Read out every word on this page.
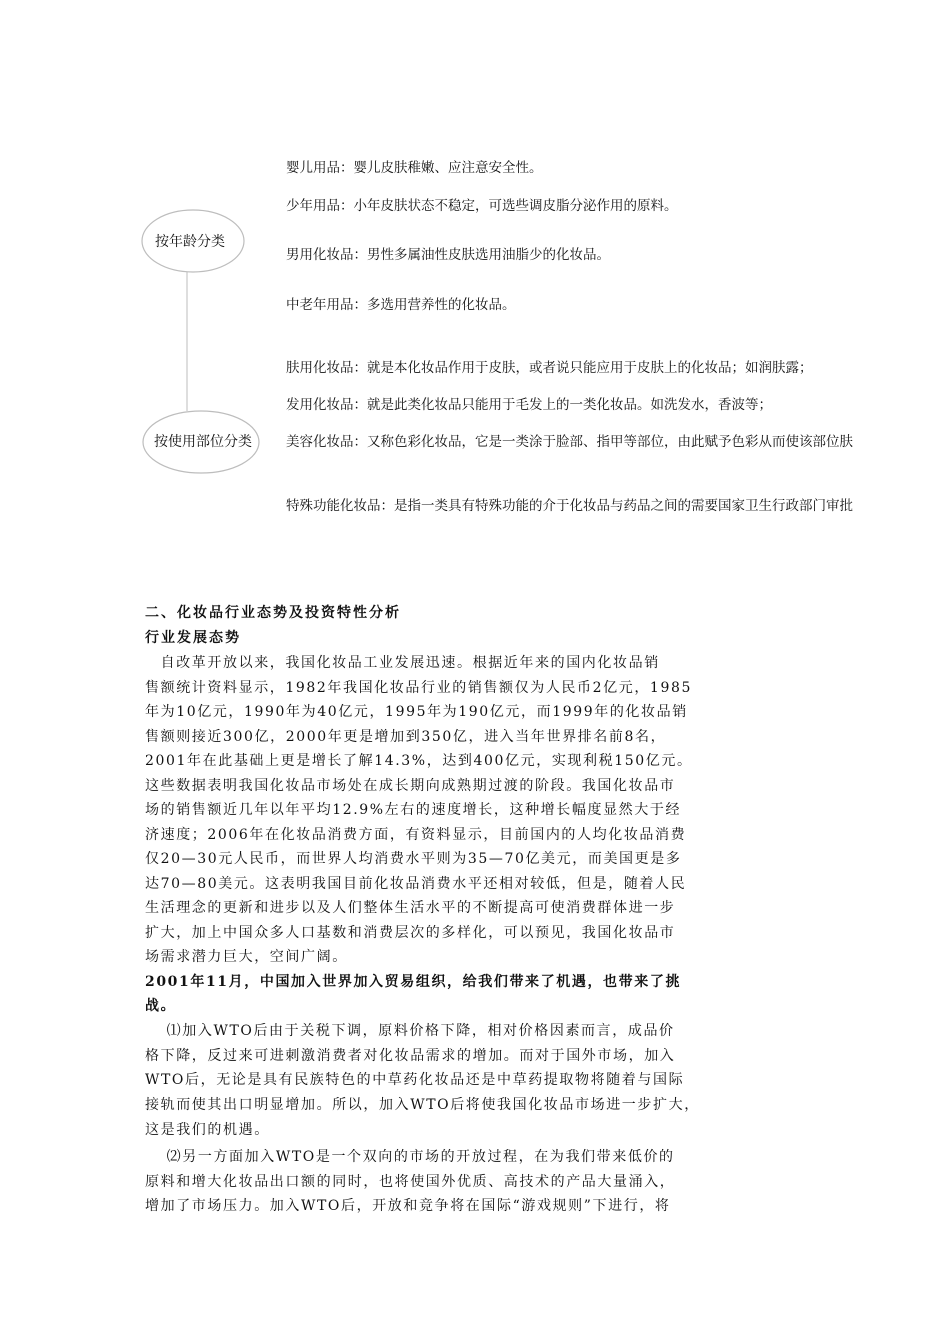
按年龄分类
按使用部位分类
婴儿用品：婴儿皮肤稚嫩、应注意安全性。
少年用品：小年皮肤状态不稳定，可选些调皮脂分泌作用的原料。
男用化妆品：男性多属油性皮肤选用油脂少的化妆品。
中老年用品：多选用营养性的化妆品。
肤用化妆品：就是本化妆品作用于皮肤，或者说只能应用于皮肤上的化妆品；如润肤露；
发用化妆品：就是此类化妆品只能用于毛发上的一类化妆品。如洗发水，香波等；
美容化妆品：又称色彩化妆品，它是一类涂于脸部、指甲等部位，由此赋予色彩从而使该部位肤
特殊功能化妆品：是指一类具有特殊功能的介于化妆品与药品之间的需要国家卫生行政部门审批
二、化妆品行业态势及投资特性分析
行业发展态势
　自改革开放以来，我国化妆品工业发展迅速。根据近年来的国内化妆品销
售额统计资料显示，1982年我国化妆品行业的销售额仅为人民币2亿元，1985
年为10亿元，1990年为40亿元，1995年为190亿元，而1999年的化妆品销
售额则接近300亿，2000年更是增加到350亿，进入当年世界排名前8名，
2001年在此基础上更是增长了解14.3%，达到400亿元，实现利税150亿元。
这些数据表明我国化妆品市场处在成长期向成熟期过渡的阶段。我国化妆品市
场的销售额近几年以年平均12.9%左右的速度增长，这种增长幅度显然大于经
济速度；2006年在化妆品消费方面，有资料显示，目前国内的人均化妆品消费
仅20—30元人民币，而世界人均消费水平则为35—70亿美元，而美国更是多
达70—80美元。这表明我国目前化妆品消费水平还相对较低，但是，随着人民
生活理念的更新和进步以及人们整体生活水平的不断提高可使消费群体进一步
扩大，加上中国众多人口基数和消费层次的多样化，可以预见，我国化妆品市
场需求潜力巨大，空间广阔。
2001年11月，中国加入世界加入贸易组织，给我们带来了机遇，也带来了挑
战。
　 ⑴加入WTO后由于关税下调，原料价格下降，相对价格因素而言，成品价
格下降，反过来可进刺激消费者对化妆品需求的增加。而对于国外市场，加入
WTO后，无论是具有民族特色的中草药化妆品还是中草药提取物将随着与国际
接轨而使其出口明显增加。所以，加入WTO后将使我国化妆品市场进一步扩大，
这是我们的机遇。
　 ⑵另一方面加入WTO是一个双向的市场的开放过程，在为我们带来低价的
原料和增大化妆品出口额的同时，也将使国外优质、高技术的产品大量涌入，
增加了市场压力。加入WTO后，开放和竞争将在国际“游戏规则”下进行，将
